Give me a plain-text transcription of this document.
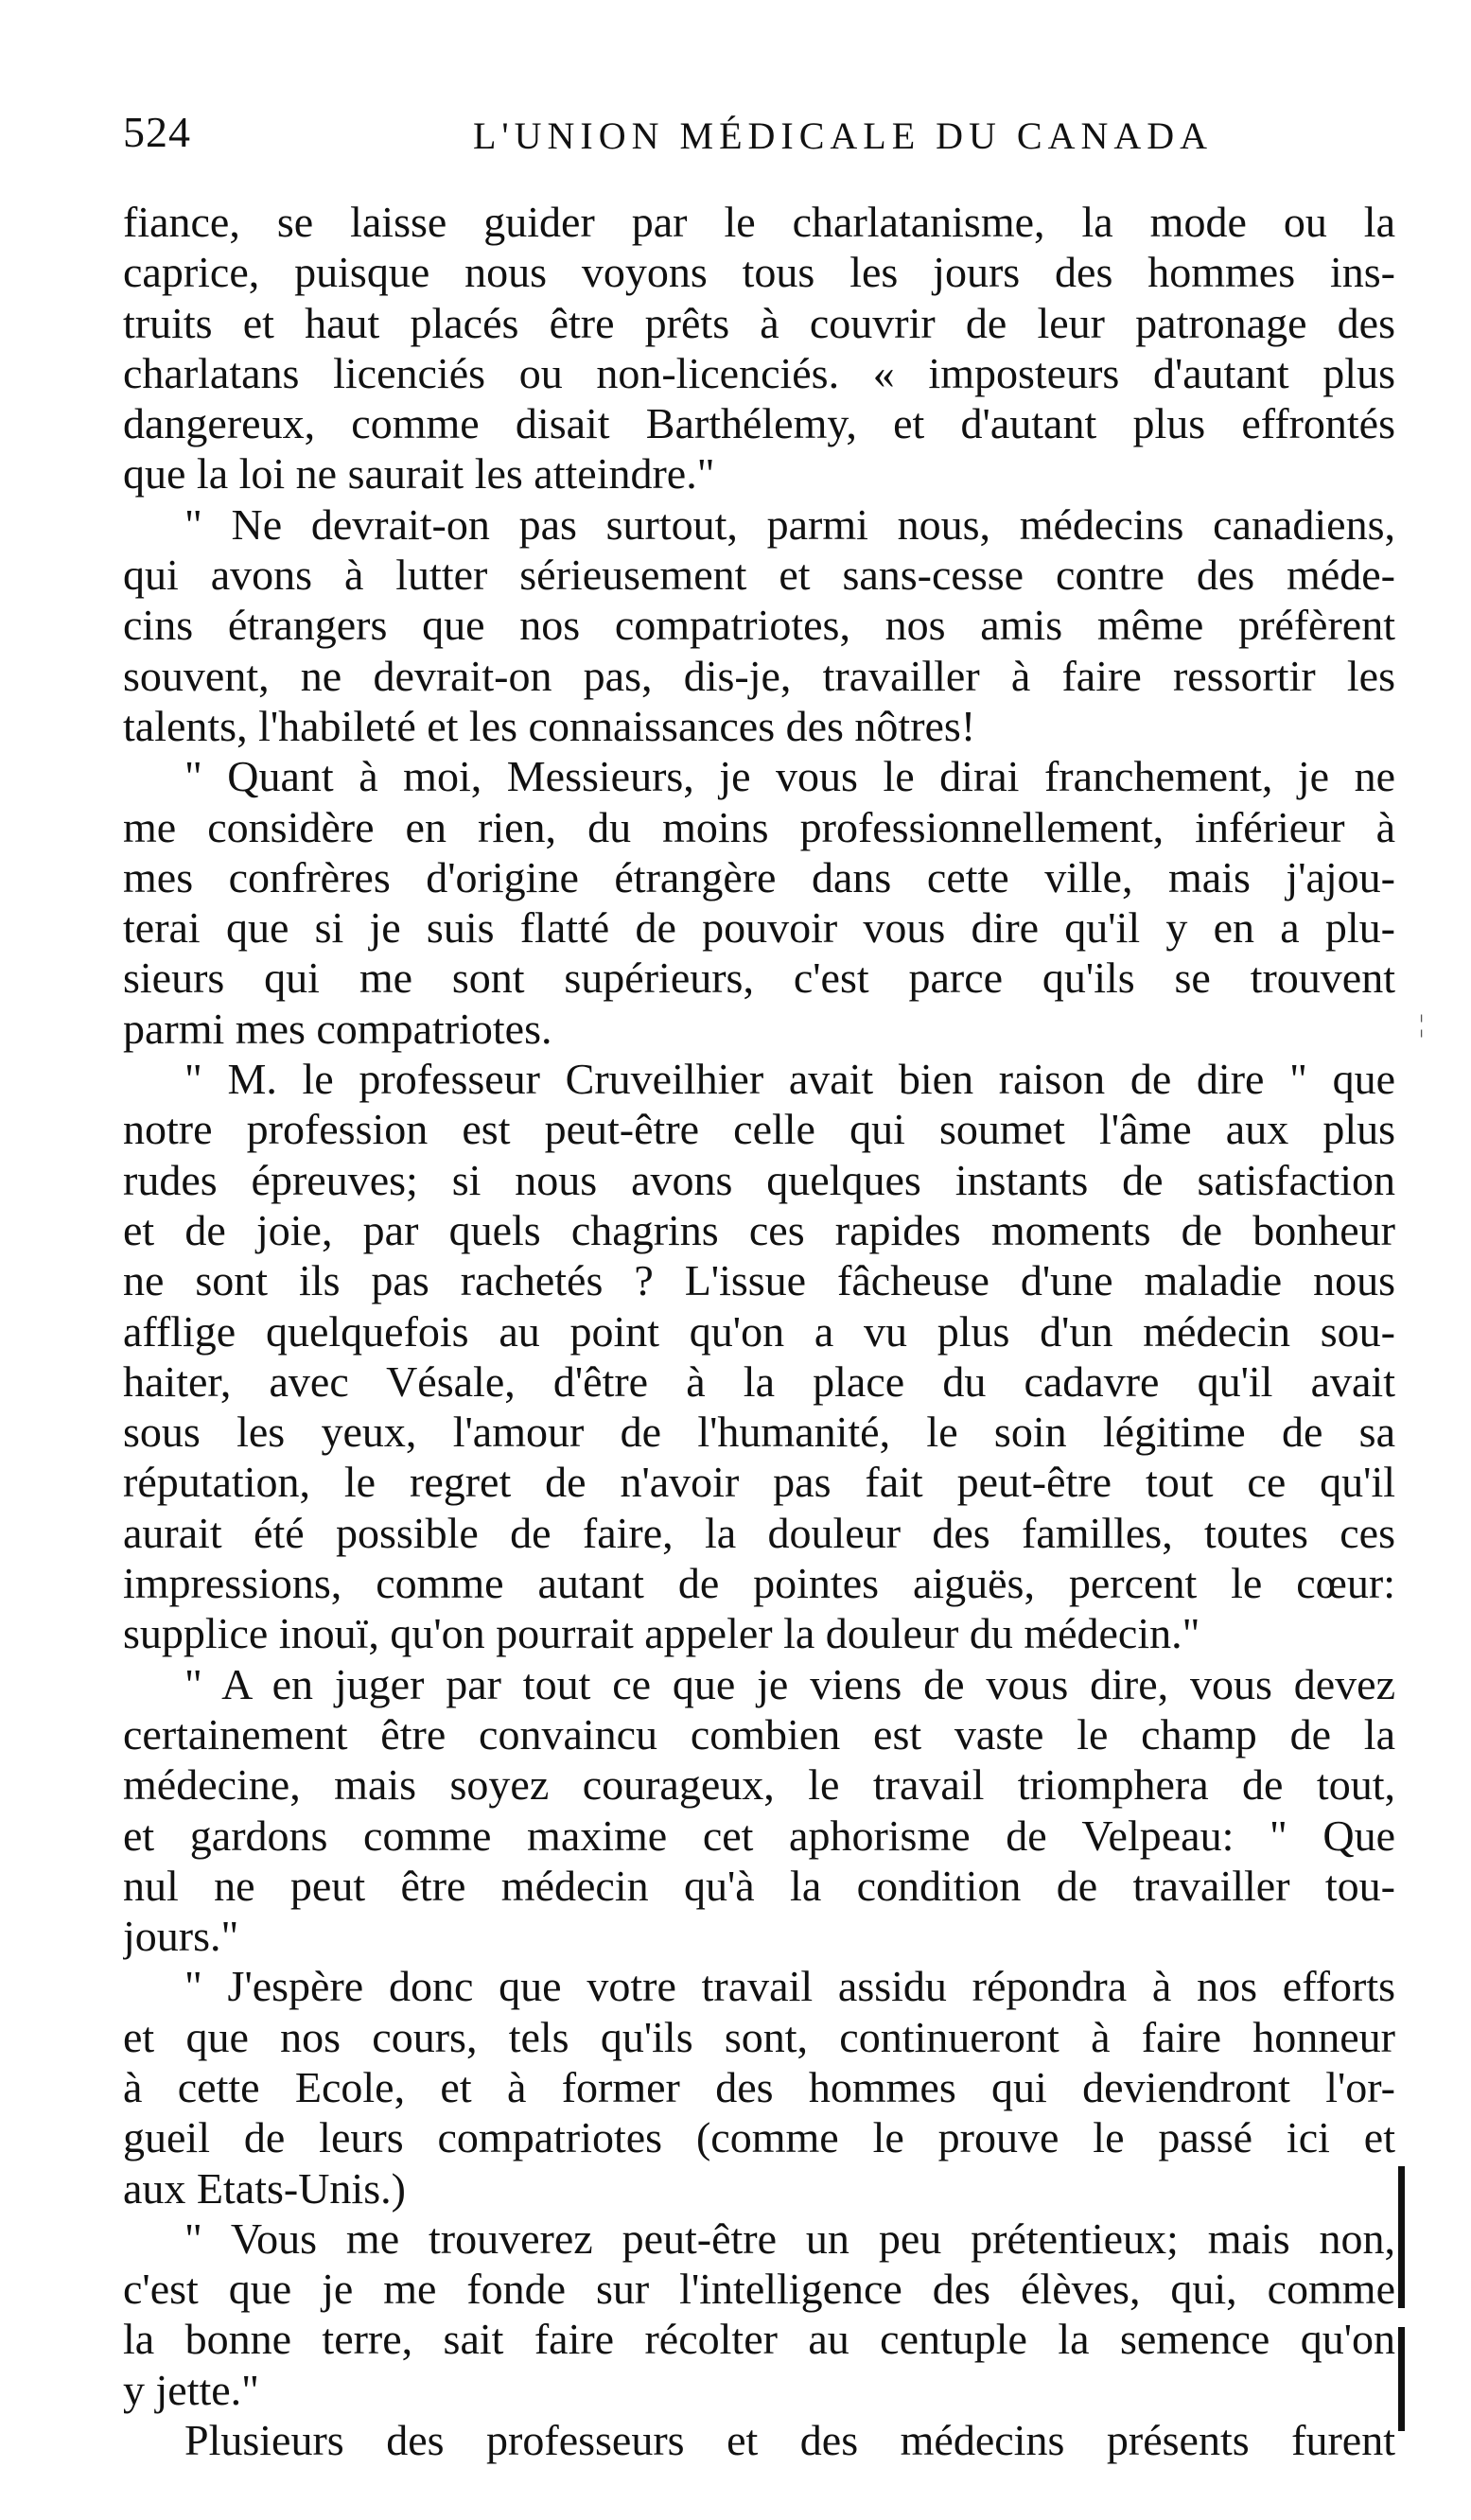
524	L'UNION MÉDICALE DU CANADA
fiance, se laisse guider par le charlatanisme, la mode ou la
caprice, puisque nous voyons tous les jours des hommes ins-
truits et haut placés être prêts à couvrir de leur patronage des
charlatans licenciés ou non-licenciés. « imposteurs d'autant plus
dangereux, comme disait Barthélemy, et d'autant plus effrontés
que la loi ne saurait les atteindre."
" Ne devrait-on pas surtout, parmi nous, médecins canadiens,
qui avons à lutter sérieusement et sans-cesse contre des méde-
cins étrangers que nos compatriotes, nos amis même préfèrent
souvent, ne devrait-on pas, dis-je, travailler à faire ressortir les
talents, l'habileté et les connaissances des nôtres!
" Quant à moi, Messieurs, je vous le dirai franchement, je ne
me considère en rien, du moins professionnellement, inférieur à
mes confrères d'origine étrangère dans cette ville, mais j'ajou-
terai que si je suis flatté de pouvoir vous dire qu'il y en a plu-
sieurs qui me sont supérieurs, c'est parce qu'ils se trouvent
parmi mes compatriotes.
" M. le professeur Cruveilhier avait bien raison de dire " que
notre profession est peut-être celle qui soumet l'âme aux plus
rudes épreuves; si nous avons quelques instants de satisfaction
et de joie, par quels chagrins ces rapides moments de bonheur
ne sont ils pas rachetés ? L'issue fâcheuse d'une maladie nous
afflige quelquefois au point qu'on a vu plus d'un médecin sou-
haiter, avec Vésale, d'être à la place du cadavre qu'il avait
sous les yeux, l'amour de l'humanité, le soin légitime de sa
réputation, le regret de n'avoir pas fait peut-être tout ce qu'il
aurait été possible de faire, la douleur des familles, toutes ces
impressions, comme autant de pointes aiguës, percent le cœur:
supplice inouï, qu'on pourrait appeler la douleur du médecin."
" A en juger par tout ce que je viens de vous dire, vous devez
certainement être convaincu combien est vaste le champ de la
médecine, mais soyez courageux, le travail triomphera de tout,
et gardons comme maxime cet aphorisme de Velpeau: " Que
nul ne peut être médecin qu'à la condition de travailler tou-
jours."
" J'espère donc que votre travail assidu répondra à nos efforts
et que nos cours, tels qu'ils sont, continueront à faire honneur
à cette Ecole, et à former des hommes qui deviendront l'or-
gueil de leurs compatriotes (comme le prouve le passé ici et
aux Etats-Unis.)
" Vous me trouverez peut-être un peu prétentieux; mais non,
c'est que je me fonde sur l'intelligence des élèves, qui, comme
la bonne terre, sait faire récolter au centuple la semence qu'on
y jette."
Plusieurs des professeurs et des médecins présents furent
¦
